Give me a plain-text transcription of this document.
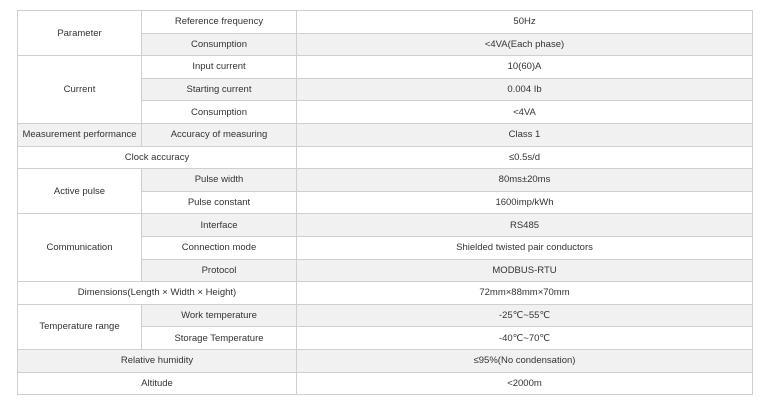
Parameter	Reference frequency	50Hz
	Consumption	<4VA(Each phase)
Current	Input current	10(60)A
	Starting current	0.004 Ib
	Consumption	<4VA
Measurement performance	Accuracy of measuring	Class 1
Clock accuracy		≤0.5s/d
Active pulse	Pulse width	80ms±20ms
	Pulse constant	1600imp/kWh
Communication	Interface	RS485
	Connection mode	Shielded twisted pair conductors
	Protocol	MODBUS-RTU
Dimensions(Length × Width × Height)		72mm×88mm×70mm
Temperature range	Work temperature	-25℃~55℃
	Storage Temperature	-40℃~70℃
Relative humidity		≤95%(No condensation)
Altitude		<2000m
